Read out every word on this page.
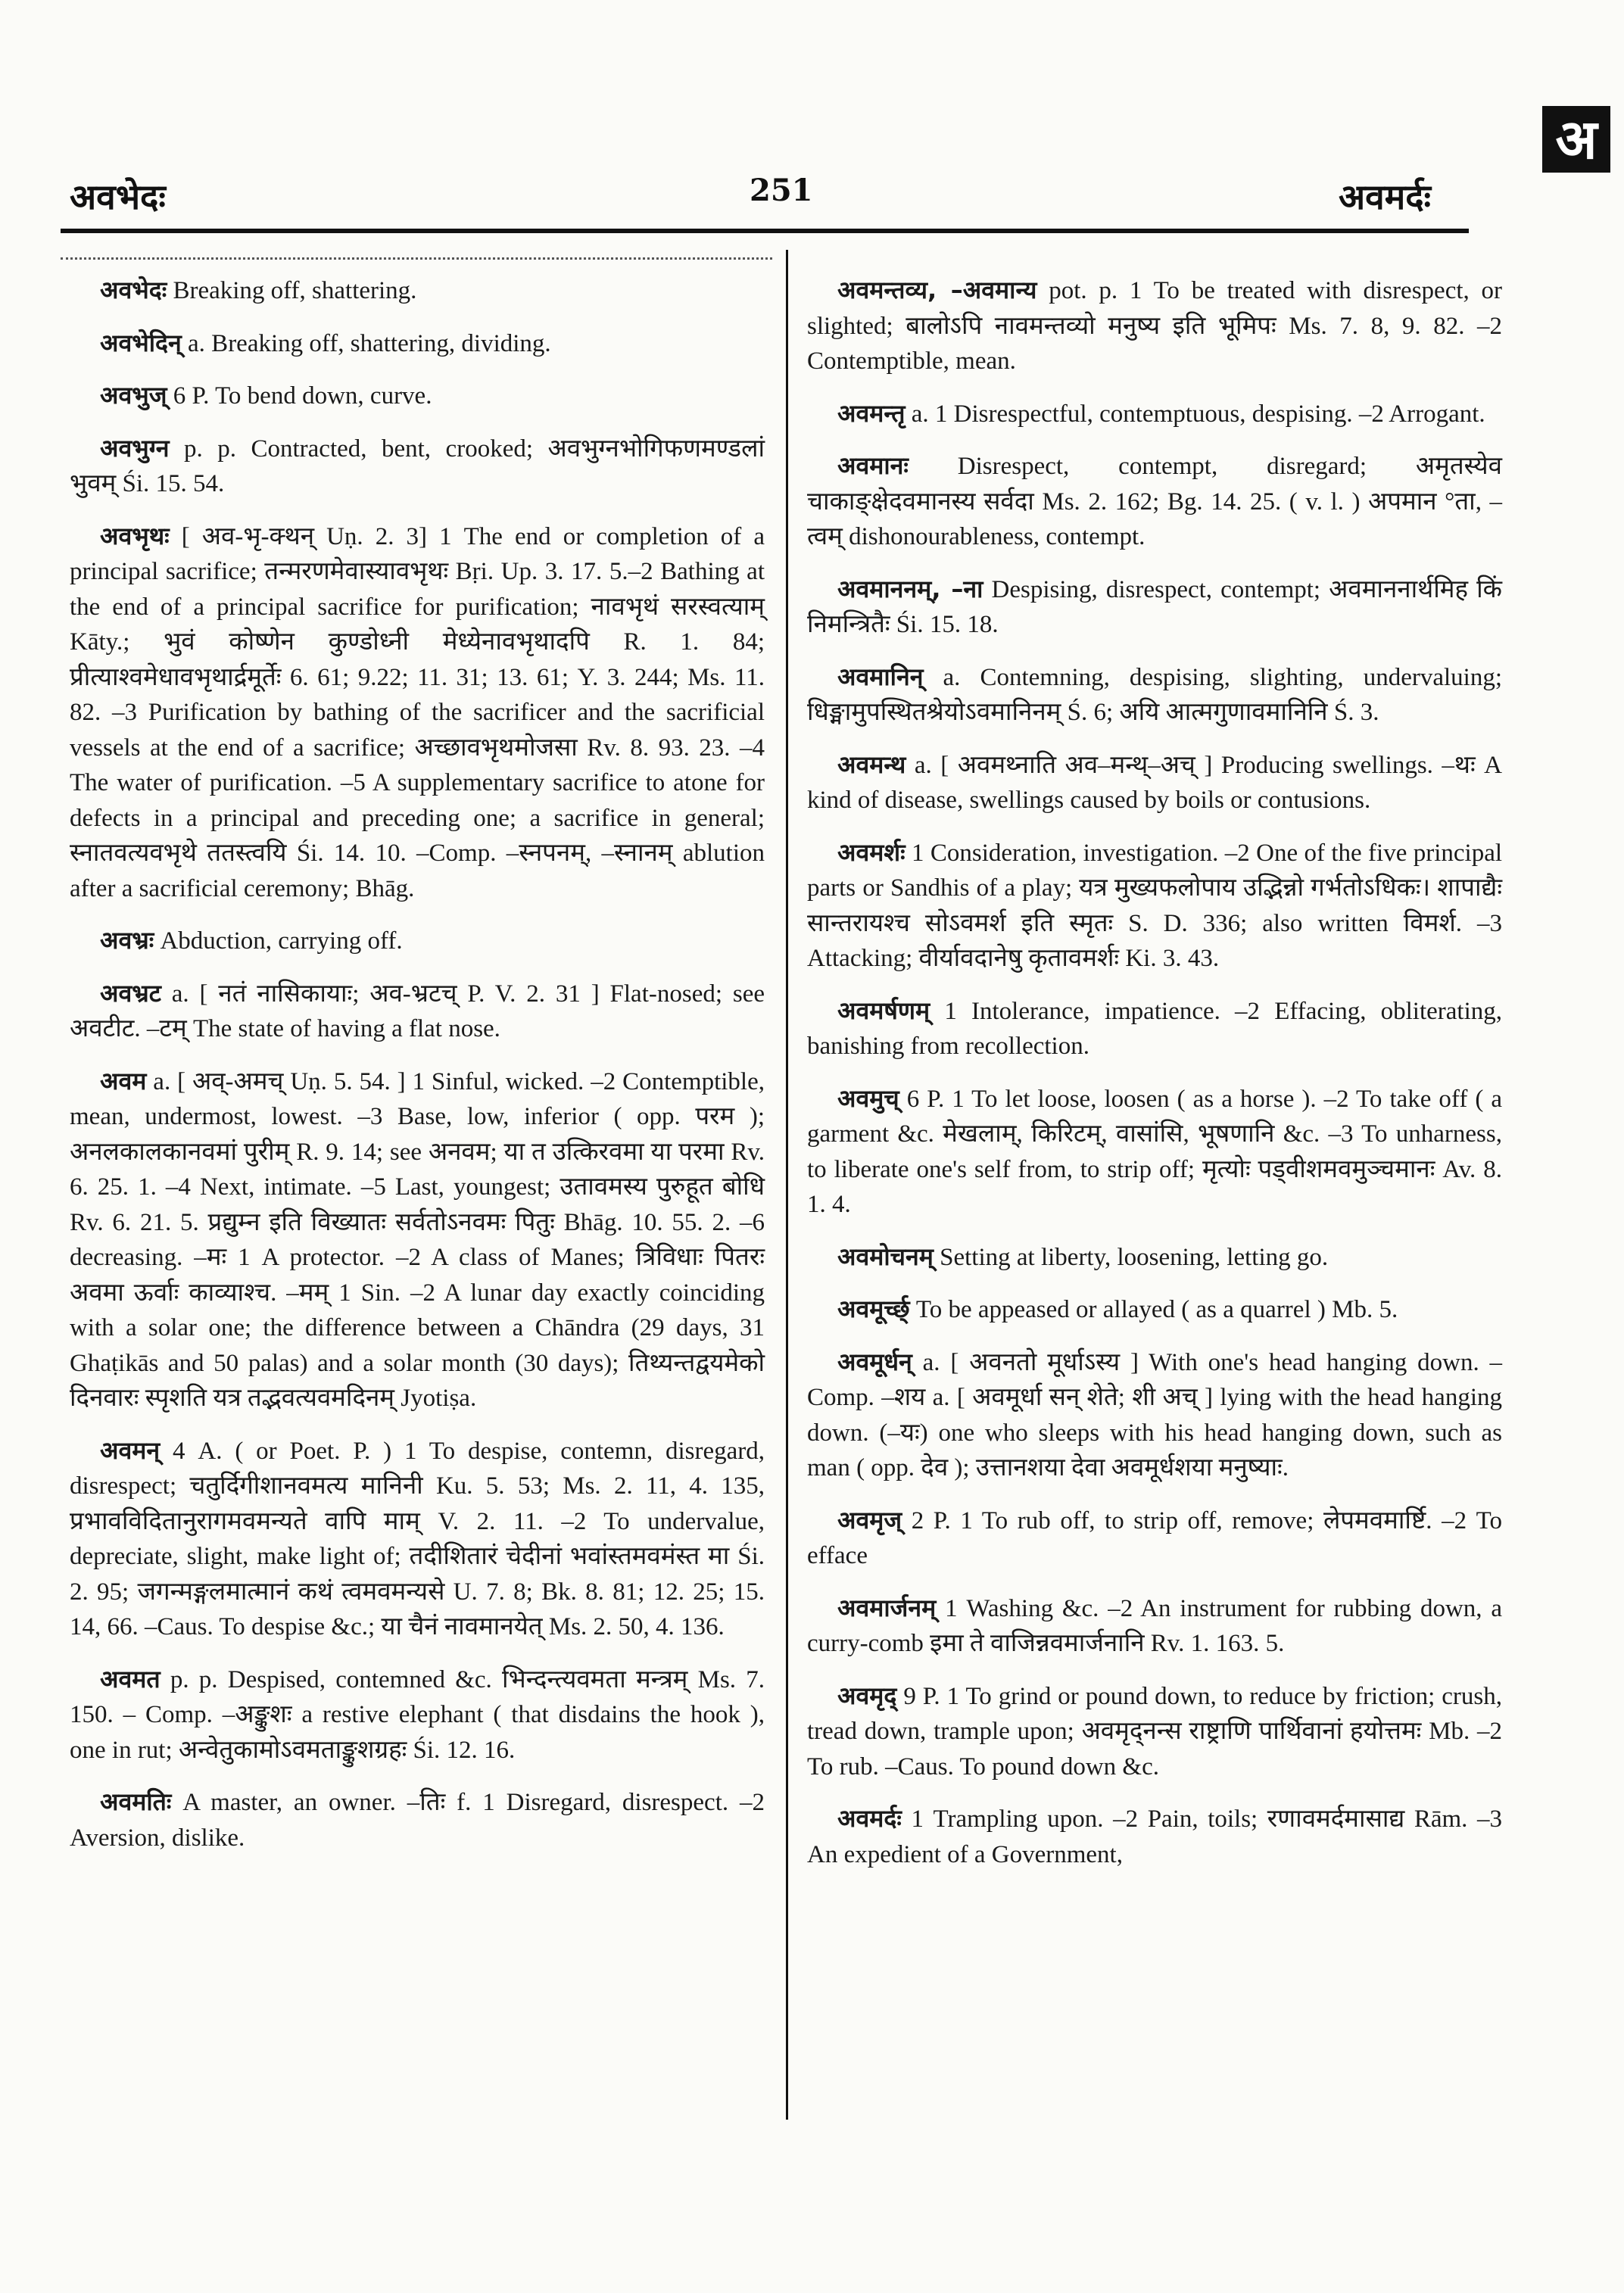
अ
अवभेदः	251	अवमर्दः

अवभेदः Breaking off, shattering.

अवभेदिन् a. Breaking off, shattering, dividing.

अवभुज् 6 P. To bend down, curve.

अवभुग्न p. p. Contracted, bent, crooked; अवभुग्नभोगिफणमण्डलां भुवम् Śi. 15. 54.

अवभृथः [ अव-भृ-क्थन् Uṇ. 2. 3] 1 The end or completion of a principal sacrifice; तन्मरणमेवास्यावभृथः Bṛi. Up. 3. 17. 5.–2 Bathing at the end of a principal sacrifice for purification; नावभृथं सरस्वत्याम् Kāty.; भुवं कोष्णेन कुण्डोध्नी मेध्येनावभृथादपि R. 1. 84; प्रीत्याश्वमेधावभृथार्द्रमूर्तेः 6. 61; 9.22; 11. 31; 13. 61; Y. 3. 244; Ms. 11. 82. –3 Purification by bathing of the sacrificer and the sacrificial vessels at the end of a sacrifice; अच्छावभृथमोजसा Rv. 8. 93. 23. –4 The water of purification. –5 A supplementary sacrifice to atone for defects in a principal and preceding one; a sacrifice in general; स्नातवत्यवभृथे ततस्त्वयि Śi. 14. 10. –Comp. –स्नपनम्, –स्नानम् ablution after a sacrificial ceremony; Bhāg.

अवभ्रः Abduction, carrying off.

अवभ्रट a. [ नतं नासिकायाः; अव-भ्रटच् P. V. 2. 31 ] Flat-nosed; see अवटीट. –टम् The state of having a flat nose.

अवम a. [ अव्-अमच् Uṇ. 5. 54. ] 1 Sinful, wicked. –2 Contemptible, mean, undermost, lowest. –3 Base, low, inferior ( opp. परम ); अनलकालकानवमां पुरीम् R. 9. 14; see अनवम; या त उत्किरवमा या परमा Rv. 6. 25. 1. –4 Next, intimate. –5 Last, youngest; उतावमस्य पुरुहूत बोधि Rv. 6. 21. 5. प्रद्युम्न इति विख्यातः सर्वतोऽनवमः पितुः Bhāg. 10. 55. 2. –6 decreasing. –मः 1 A protector. –2 A class of Manes; त्रिविधाः पितरः अवमा ऊर्वाः काव्याश्च. –मम् 1 Sin. –2 A lunar day exactly coinciding with a solar one; the difference between a Chāndra (29 days, 31 Ghaṭikās and 50 palas) and a solar month (30 days); तिथ्यन्तद्वयमेको दिनवारः स्पृशति यत्र तद्भवत्यवमदिनम् Jyotiṣa.

अवमन् 4 A. ( or Poet. P. ) 1 To despise, contemn, disregard, disrespect; चतुर्दिगीशानवमत्य मानिनी Ku. 5. 53; Ms. 2. 11, 4. 135, प्रभावविदितानुरागमवमन्यते वापि माम् V. 2. 11. –2 To undervalue, depreciate, slight, make light of; तदीशितारं चेदीनां भवांस्तमवमंस्त मा Śi. 2. 95; जगन्मङ्गलमात्मानं कथं त्वमवमन्यसे U. 7. 8; Bk. 8. 81; 12. 25; 15. 14, 66. –Caus. To despise &c.; या चैनं नावमानयेत् Ms. 2. 50, 4. 136.

अवमत p. p. Despised, contemned &c. भिन्दन्त्यवमता मन्त्रम् Ms. 7. 150. – Comp. –अङ्कुशः a restive elephant ( that disdains the hook ), one in rut; अन्वेतुकामोऽवमताङ्कुशग्रहः Śi. 12. 16.

अवमतिः A master, an owner. –तिः f. 1 Disregard, disrespect. –2 Aversion, dislike.

अवमन्तव्य, –अवमान्य pot. p. 1 To be treated with disrespect, or slighted; बालोऽपि नावमन्तव्यो मनुष्य इति भूमिपः Ms. 7. 8, 9. 82. –2 Contemptible, mean.

अवमन्तृ a. 1 Disrespectful, contemptuous, despising. –2 Arrogant.

अवमानः Disrespect, contempt, disregard; अमृतस्येव चाकाङ्क्षेदवमानस्य सर्वदा Ms. 2. 162; Bg. 14. 25. ( v. l. ) अपमान °ता, –त्वम् dishonourableness, contempt.

अवमाननम्, –ना Despising, disrespect, contempt; अवमाननार्थमिह किं निमन्त्रितैः Śi. 15. 18.

अवमानिन् a. Contemning, despising, slighting, undervaluing; धिङ्मामुपस्थितश्रेयोऽवमानिनम् Ś. 6; अयि आत्मगुणावमानिनि Ś. 3.

अवमन्थ a. [ अवमथ्नाति अव–मन्थ्–अच् ] Producing swellings. –थः A kind of disease, swellings caused by boils or contusions.

अवमर्शः 1 Consideration, investigation. –2 One of the five principal parts or Sandhis of a play; यत्र मुख्यफलोपाय उद्भिन्नो गर्भतोऽधिकः। शापाद्यैः सान्तरायश्च सोऽवमर्श इति स्मृतः S. D. 336; also written विमर्श. –3 Attacking; वीर्यावदानेषु कृतावमर्शः Ki. 3. 43.

अवमर्षणम् 1 Intolerance, impatience. –2 Effacing, obliterating, banishing from recollection.

अवमुच् 6 P. 1 To let loose, loosen ( as a horse ). –2 To take off ( a garment &c. मेखलाम्, किरिटम्, वासांसि, भूषणानि &c. –3 To unharness, to liberate one's self from, to strip off; मृत्योः पड्वीशमवमुञ्चमानः Av. 8. 1. 4.

अवमोचनम् Setting at liberty, loosening, letting go.

अवमूर्च्छ् To be appeased or allayed ( as a quarrel ) Mb. 5.

अवमूर्धन् a. [ अवनतो मूर्धाऽस्य ] With one's head hanging down. –Comp. –शय a. [ अवमूर्धा सन् शेते; शी अच् ] lying with the head hanging down. (–यः) one who sleeps with his head hanging down, such as man ( opp. देव ); उत्तानशया देवा अवमूर्धशया मनुष्याः.

अवमृज् 2 P. 1 To rub off, to strip off, remove; लेपमवमार्ष्टि. –2 To efface

अवमार्जनम् 1 Washing &c. –2 An instrument for rubbing down, a curry-comb इमा ते वाजिन्नवमार्जनानि Rv. 1. 163. 5.

अवमृद् 9 P. 1 To grind or pound down, to reduce by friction; crush, tread down, trample upon; अवमृद्नन्स राष्ट्राणि पार्थिवानां हयोत्तमः Mb. –2 To rub. –Caus. To pound down &c.

अवमर्दः 1 Trampling upon. –2 Pain, toils; रणावमर्दमासाद्य Rām. –3 An expedient of a Government,
